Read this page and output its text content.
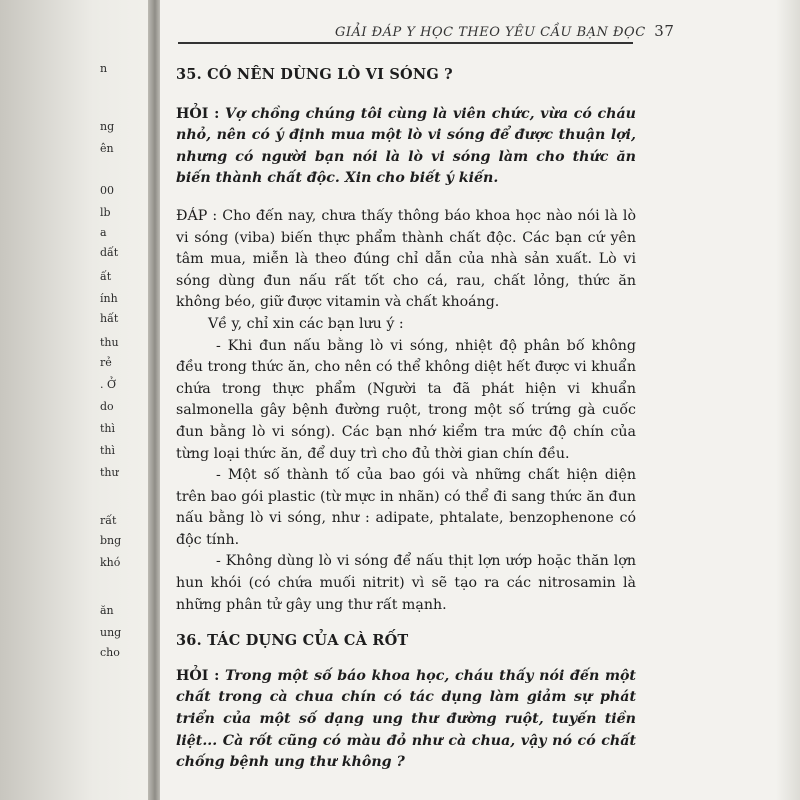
n
ng
ên
00
lb
a
dất
ất
ính
hất
thu
rẻ
. Ở
do
thì
thì
thư
rất
bng
khó
ăn
ung
cho
GIẢI ĐÁP Y HỌC THEO YÊU CẦU BẠN ĐỌC 37
35. CÓ NÊN DÙNG LÒ VI SÓNG ?

HỎI : Vợ chồng chúng tôi cùng là viên chức, vừa có cháu nhỏ, nên có ý định mua một lò vi sóng để được thuận lợi, nhưng có người bạn nói là lò vi sóng làm cho thức ăn biến thành chất độc. Xin cho biết ý kiến.

ĐÁP : Cho đến nay, chưa thấy thông báo khoa học nào nói là lò vi sóng (viba) biến thực phẩm thành chất độc. Các bạn cứ yên tâm mua, miễn là theo đúng chỉ dẫn của nhà sản xuất. Lò vi sóng dùng đun nấu rất tốt cho cá, rau, chất lỏng, thức ăn không béo, giữ được vitamin và chất khoáng.

Về y, chỉ xin các bạn lưu ý :

- Khi đun nấu bằng lò vi sóng, nhiệt độ phân bố không đều trong thức ăn, cho nên có thể không diệt hết được vi khuẩn chứa trong thực phẩm (Người ta đã phát hiện vi khuẩn salmonella gây bệnh đường ruột, trong một số trứng gà cuốc đun bằng lò vi sóng). Các bạn nhớ kiểm tra mức độ chín của từng loại thức ăn, để duy trì cho đủ thời gian chín đều.

- Một số thành tố của bao gói và những chất hiện diện trên bao gói plastic (từ mực in nhãn) có thể đi sang thức ăn đun nấu bằng lò vi sóng, như : adipate, phtalate, benzophenone có độc tính.

- Không dùng lò vi sóng để nấu thịt lợn ướp hoặc thăn lợn hun khói (có chứa muối nitrit) vì sẽ tạo ra các nitrosamin là những phân tử gây ung thư rất mạnh.

36. TÁC DỤNG CỦA CÀ RỐT

HỎI : Trong một số báo khoa học, cháu thấy nói đến một chất trong cà chua chín có tác dụng làm giảm sự phát triển của một số dạng ung thư đường ruột, tuyến tiền liệt... Cà rốt cũng có màu đỏ như cà chua, vậy nó có chất chống bệnh ung thư không ?
